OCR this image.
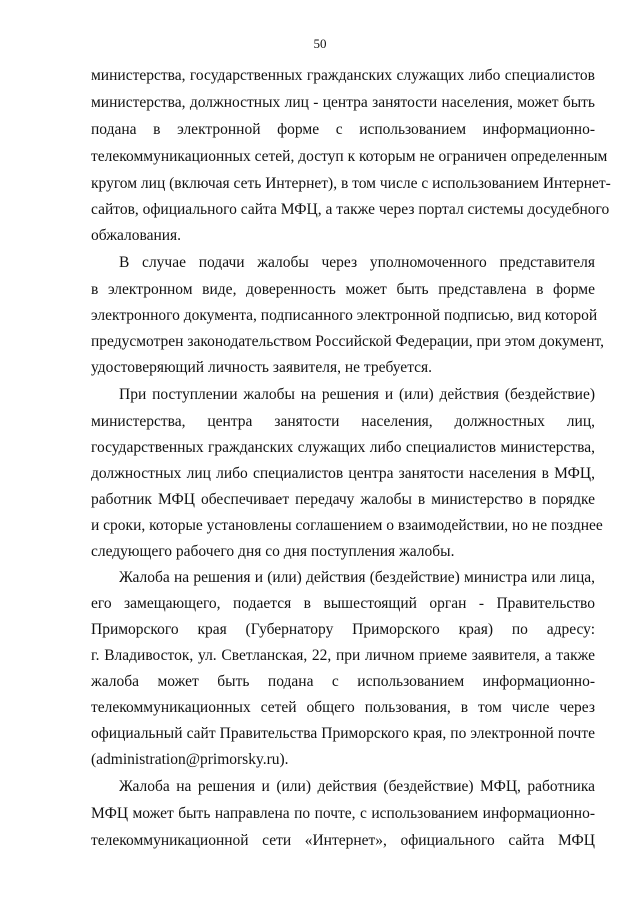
50
министерства, государственных гражданских служащих либо специалистов
министерства, должностных лиц - центра занятости населения, может быть
подана в электронной форме с использованием информационно-
телекоммуникационных сетей, доступ к которым не ограничен определенным
кругом лиц (включая сеть Интернет), в том числе с использованием Интернет-
сайтов, официального сайта МФЦ, а также через портал системы досудебного
обжалования.
В случае подачи жалобы через уполномоченного представителя
в электронном виде, доверенность может быть представлена в форме
электронного документа, подписанного электронной подписью, вид которой
предусмотрен законодательством Российской Федерации, при этом документ,
удостоверяющий личность заявителя, не требуется.
При поступлении жалобы на решения и (или) действия (бездействие)
министерства, центра занятости населения, должностных лиц,
государственных гражданских служащих либо специалистов министерства,
должностных лиц либо специалистов центра занятости населения в МФЦ,
работник МФЦ обеспечивает передачу жалобы в министерство в порядке
и сроки, которые установлены соглашением о взаимодействии, но не позднее
следующего рабочего дня со дня поступления жалобы.
Жалоба на решения и (или) действия (бездействие) министра или лица,
его замещающего, подается в вышестоящий орган - Правительство
Приморского края (Губернатору Приморского края) по адресу:
г. Владивосток, ул. Светланская, 22, при личном приеме заявителя, а также
жалоба может быть подана с использованием информационно-
телекоммуникационных сетей общего пользования, в том числе через
официальный сайт Правительства Приморского края, по электронной почте
(administration@primorsky.ru).
Жалоба на решения и (или) действия (бездействие) МФЦ, работника
МФЦ может быть направлена по почте, с использованием информационно-
телекоммуникационной сети «Интернет», официального сайта МФЦ
